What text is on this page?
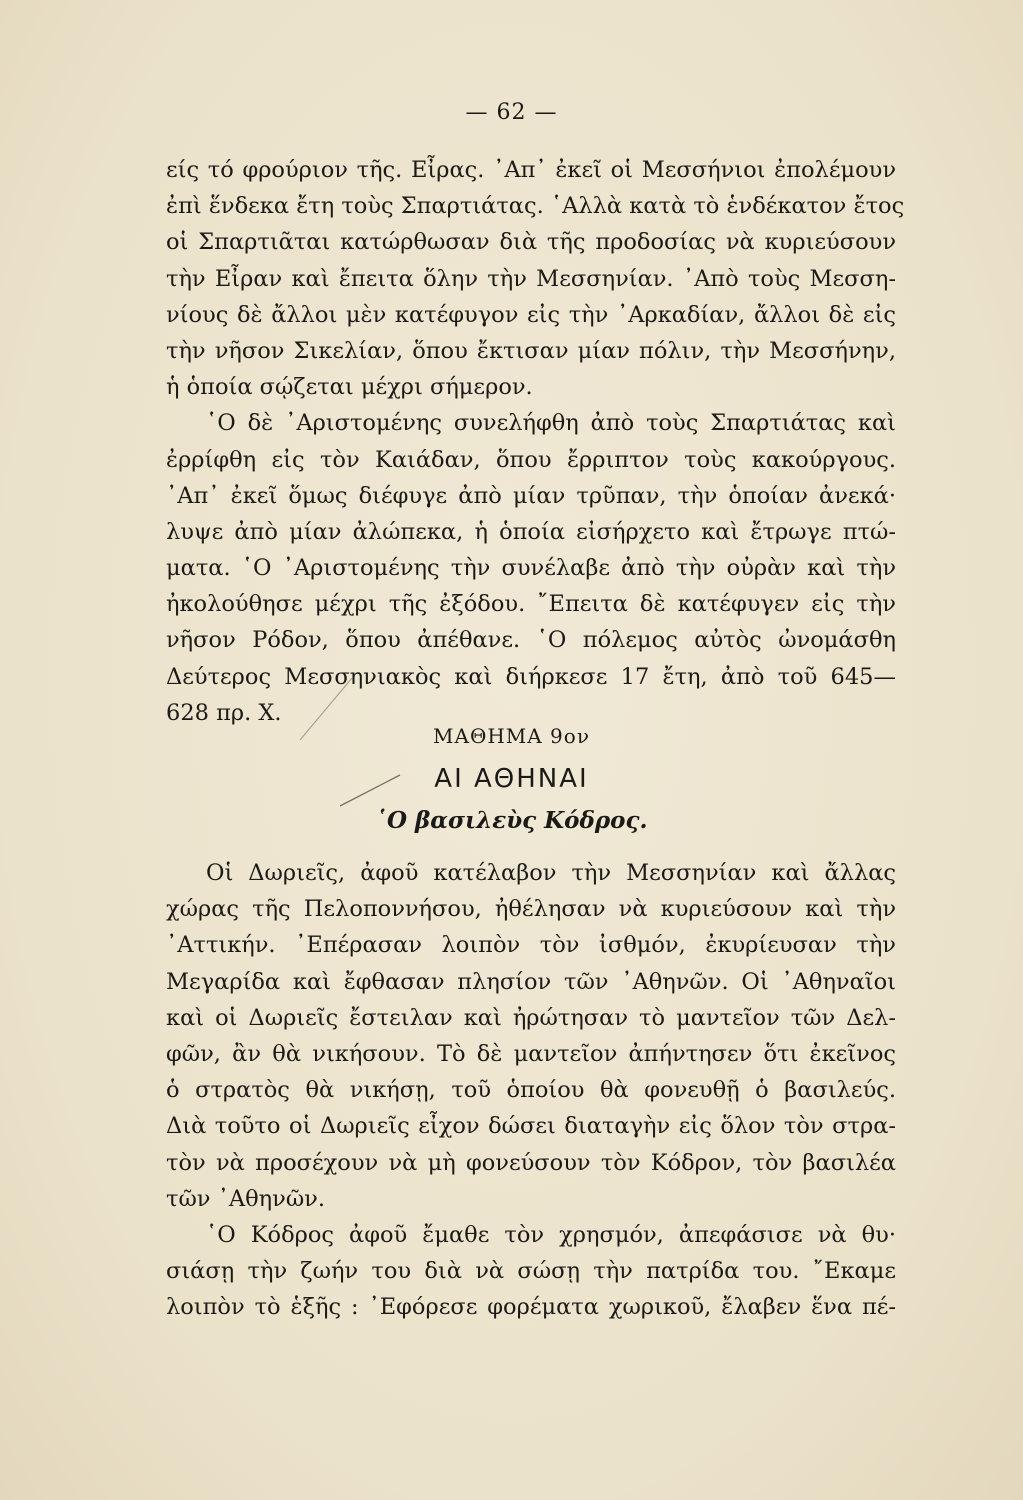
— 62 —
είς τό φρούριον τῆς. Εἶρας. ᾿Απ᾿ ἐκεῖ οἱ Μεσσήνιοι ἐπολέμουν
ἐπὶ ἕνδεκα ἔτη τοὺς Σπαρτιάτας. ῾Αλλὰ κατὰ τὸ ἑνδέκατον ἔτος
οἱ Σπαρτιᾶται κατώρθωσαν διὰ τῆς προδοσίας νὰ κυριεύσουν
τὴν Εἶραν καὶ ἔπειτα ὅλην τὴν Μεσσηνίαν. ᾿Απὸ τοὺς Μεσση-
νίους δὲ ἄλλοι μὲν κατέφυγον εἰς τὴν ᾿Αρκαδίαν, ἄλλοι δὲ εἰς
τὴν νῆσον Σικελίαν, ὅπου ἔκτισαν μίαν πόλιν, τὴν Μεσσήνην,
ἡ ὁποία σῴζεται μέχρι σήμερον.
῾Ο δὲ ᾿Αριστομένης συνελήφθη ἀπὸ τοὺς Σπαρτιάτας καὶ
ἐρρίφθη εἰς τὸν Καιάδαν, ὅπου ἔρριπτον τοὺς κακούργους.
᾿Απ᾿ ἐκεῖ ὅμως διέφυγε ἀπὸ μίαν τρῦπαν, τὴν ὁποίαν ἀνεκά·
λυψε ἀπὸ μίαν ἀλώπεκα, ἡ ὁποία εἰσήρχετο καὶ ἔτρωγε πτώ-
ματα. ῾Ο ᾿Αριστομένης τὴν συνέλαβε ἀπὸ τὴν οὐρὰν καὶ τὴν
ἠκολούθησε μέχρι τῆς ἐξόδου. ῎Επειτα δὲ κατέφυγεν εἰς τὴν
νῆσον Ρόδον, ὅπου ἀπέθανε. ῾Ο πόλεμος αὐτὸς ὠνομάσθη
Δεύτερος Μεσσηνιακὸς καὶ διήρκεσε 17 ἔτη, ἀπὸ τοῦ 645—
628 πρ. Χ.
ΜΑΘΗΜΑ 9ον
ΑΙ ΑΘΗΝΑΙ
῾Ο βασιλεὺς Κόδρος.
Οἱ Δωριεῖς, ἀφοῦ κατέλαβον τὴν Μεσσηνίαν καὶ ἄλλας
χώρας τῆς Πελοποννήσου, ἠθέλησαν νὰ κυριεύσουν καὶ τὴν
᾿Αττικήν. ᾿Επέρασαν λοιπὸν τὸν ἰσθμόν, ἐκυρίευσαν τὴν
Μεγαρίδα καὶ ἔφθασαν πλησίον τῶν ᾿Αθηνῶν. Οἱ ᾿Αθηναῖοι
καὶ οἱ Δωριεῖς ἔστειλαν καὶ ἠρώτησαν τὸ μαντεῖον τῶν Δελ-
φῶν, ἂν θὰ νικήσουν. Τὸ δὲ μαντεῖον ἀπήντησεν ὅτι ἐκεῖνος
ὁ στρατὸς θὰ νικήσῃ, τοῦ ὁποίου θὰ φονευθῇ ὁ βασιλεύς.
Διὰ τοῦτο οἱ Δωριεῖς εἶχον δώσει διαταγὴν εἰς ὅλον τὸν στρα-
τὸν νὰ προσέχουν νὰ μὴ φονεύσουν τὸν Κόδρον, τὸν βασιλέα
τῶν ᾿Αθηνῶν.
῾Ο Κόδρος ἀφοῦ ἔμαθε τὸν χρησμόν, ἀπεφάσισε νὰ θυ·
σιάσῃ τὴν ζωήν του διὰ νὰ σώσῃ τὴν πατρίδα του. ῎Εκαμε
λοιπὸν τὸ ἑξῆς : ᾿Εφόρεσε φορέματα χωρικοῦ, ἔλαβεν ἕνα πέ-
